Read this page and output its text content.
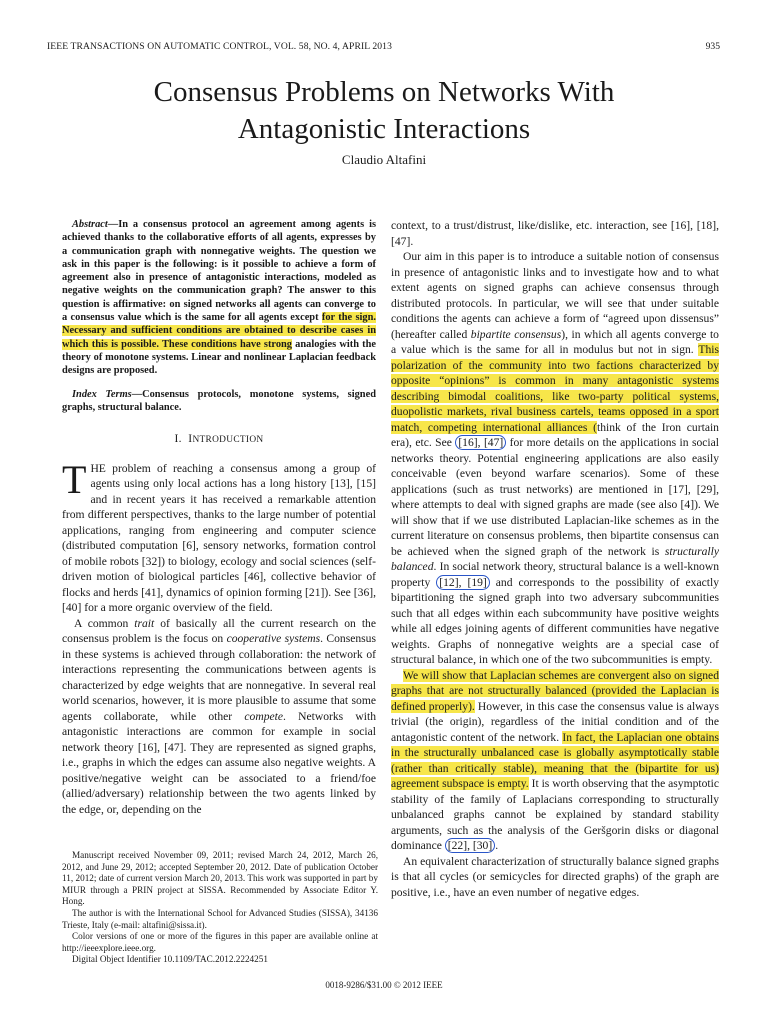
IEEE TRANSACTIONS ON AUTOMATIC CONTROL, VOL. 58, NO. 4, APRIL 2013	935
Consensus Problems on Networks With
Antagonistic Interactions
Claudio Altafini

Abstract—In a consensus protocol an agreement among agents is achieved thanks to the collaborative efforts of all agents, expresses by a communication graph with nonnegative weights. The question we ask in this paper is the following: is it possible to achieve a form of agreement also in presence of antagonistic interactions, modeled as negative weights on the communication graph? The answer to this question is affirmative: on signed networks all agents can converge to a consensus value which is the same for all agents except for the sign. Necessary and sufficient conditions are obtained to describe cases in which this is possible. These conditions have strong analogies with the theory of monotone systems. Linear and nonlinear Laplacian feedback designs are proposed.

Index Terms—Consensus protocols, monotone systems, signed graphs, structural balance.

I. INTRODUCTION
THE problem of reaching a consensus among a group of agents using only local actions has a long history [13], [15] and in recent years it has received a remarkable attention from different perspectives, thanks to the large number of potential applications, ranging from engineering and computer science (distributed computation [6], sensory networks, formation control of mobile robots [32]) to biology, ecology and social sciences (self-driven motion of biological particles [46], collective behavior of flocks and herds [41], dynamics of opinion forming [21]). See [36], [40] for a more organic overview of the field.

A common trait of basically all the current research on the consensus problem is the focus on cooperative systems. Consensus in these systems is achieved through collaboration: the network of interactions representing the communications between agents is characterized by edge weights that are nonnegative. In several real world scenarios, however, it is more plausible to assume that some agents collaborate, while other compete. Networks with antagonistic interactions are common for example in social network theory [16], [47]. They are represented as signed graphs, i.e., graphs in which the edges can assume also negative weights. A positive/negative weight can be associated to a friend/foe (allied/adversary) relationship between the two agents linked by the edge, or, depending on the

context, to a trust/distrust, like/dislike, etc. interaction, see [16], [18], [47].

Our aim in this paper is to introduce a suitable notion of consensus in presence of antagonistic links and to investigate how and to what extent agents on signed graphs can achieve consensus through distributed protocols. In particular, we will see that under suitable conditions the agents can achieve a form of “agreed upon dissensus” (hereafter called bipartite consensus), in which all agents converge to a value which is the same for all in modulus but not in sign. This polarization of the community into two factions characterized by opposite “opinions” is common in many antagonistic systems describing bimodal coalitions, like two-party political systems, duopolistic markets, rival business cartels, teams opposed in a sport match, competing international alliances (think of the Iron curtain era), etc. See [16], [47] for more details on the applications in social networks theory. Potential engineering applications are also easily conceivable (even beyond warfare scenarios). Some of these applications (such as trust networks) are mentioned in [17], [29], where attempts to deal with signed graphs are made (see also [4]). We will show that if we use distributed Laplacian-like schemes as in the current literature on consensus problems, then bipartite consensus can be achieved when the signed graph of the network is structurally balanced. In social network theory, structural balance is a well-known property [12], [19] and corresponds to the possibility of exactly bipartitioning the signed graph into two adversary subcommunities such that all edges within each subcommunity have positive weights while all edges joining agents of different communities have negative weights. Graphs of nonnegative weights are a special case of structural balance, in which one of the two subcommunities is empty.

We will show that Laplacian schemes are convergent also on signed graphs that are not structurally balanced (provided the Laplacian is defined properly). However, in this case the consensus value is always trivial (the origin), regardless of the initial condition and of the antagonistic content of the network. In fact, the Laplacian one obtains in the structurally unbalanced case is globally asymptotically stable (rather than critically stable), meaning that the (bipartite for us) agreement subspace is empty. It is worth observing that the asymptotic stability of the family of Laplacians corresponding to structurally unbalanced graphs cannot be explained by standard stability arguments, such as the analysis of the Geršgorin disks or diagonal dominance [22], [30] .

An equivalent characterization of structurally balance signed graphs is that all cycles (or semicycles for directed graphs) of the graph are positive, i.e., have an even number of negative edges.

Manuscript received November 09, 2011; revised March 24, 2012, March 26, 2012, and June 29, 2012; accepted September 20, 2012. Date of publication October 11, 2012; date of current version March 20, 2013. This work was supported in part by MIUR through a PRIN project at SISSA. Recommended by Associate Editor Y. Hong.

The author is with the International School for Advanced Studies (SISSA), 34136 Trieste, Italy (e-mail: altafini@sissa.it).

Color versions of one or more of the figures in this paper are available online at http://ieeexplore.ieee.org.

Digital Object Identifier 10.1109/TAC.2012.2224251

0018-9286/$31.00 © 2012 IEEE
